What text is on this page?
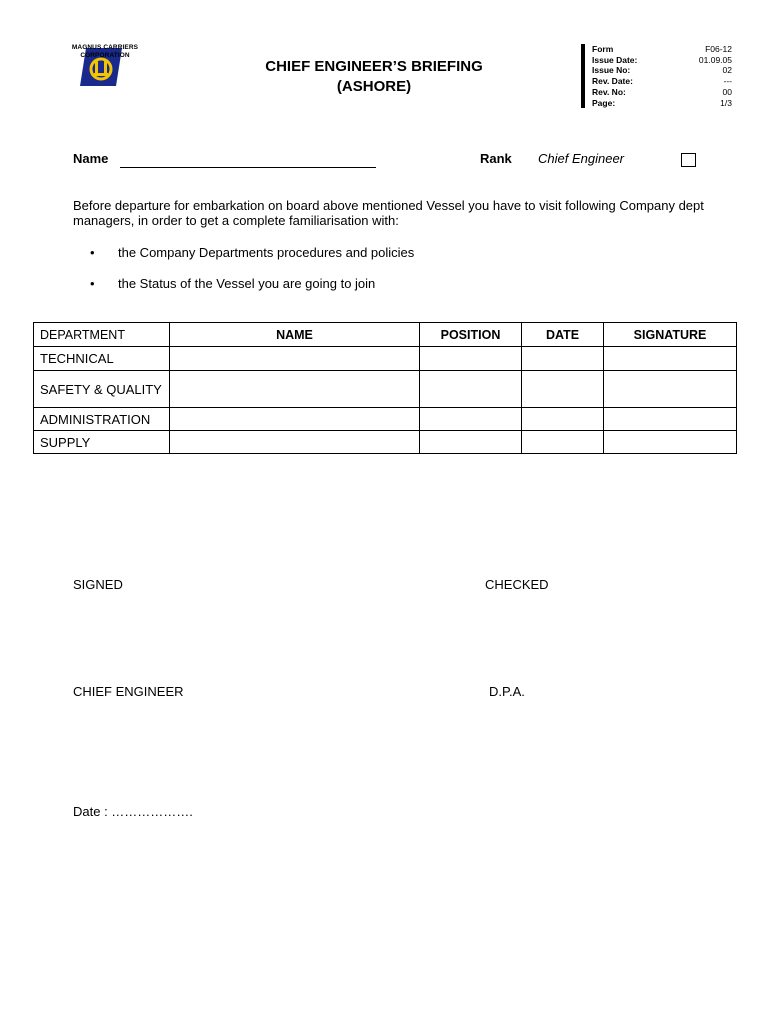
MAGNUS CARRIERS
CORPORATION
CHIEF ENGINEER’S BRIEFING
(ASHORE)
Form	F06-12
Issue Date:	01.09.05
Issue No:	02
Rev. Date:	---
Rev. No:	00
Page:	1/3
Name	Rank Chief Engineer
Before departure for embarkation on board above mentioned Vessel you have to visit following Company dept managers, in order to get a complete familiarisation with:
•	the Company Departments procedures and policies
•	the Status of the Vessel you are going to join
DEPARTMENT	NAME	POSITION	DATE	SIGNATURE
TECHNICAL				
SAFETY & QUALITY				
ADMINISTRATION				
SUPPLY				
SIGNED	CHECKED
CHIEF ENGINEER	D.P.A.
Date : ……………….
